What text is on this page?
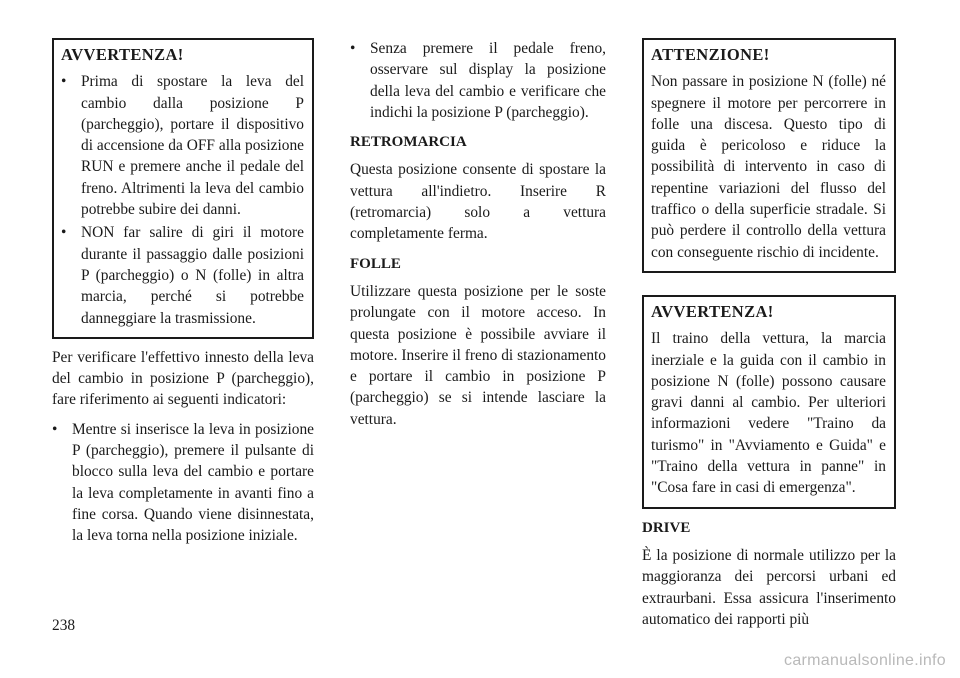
AVVERTENZA!
• Prima di spostare la leva del cambio dalla posizione P (parcheggio), portare il dispositivo di accensione da OFF alla posizione RUN e premere anche il pedale del freno. Altrimenti la leva del cambio potrebbe subire dei danni.
• NON far salire di giri il motore durante il passaggio dalle posizioni P (parcheggio) o N (folle) in altra marcia, perché si potrebbe danneggiare la trasmissione.

Per verificare l'effettivo innesto della leva del cambio in posizione P (parcheggio), fare riferimento ai seguenti indicatori:

• Mentre si inserisce la leva in posizione P (parcheggio), premere il pulsante di blocco sulla leva del cambio e portare la leva completamente in avanti fino a fine corsa. Quando viene disinnestata, la leva torna nella posizione iniziale.
• Senza premere il pedale freno, osservare sul display la posizione della leva del cambio e verificare che indichi la posizione P (parcheggio).
RETROMARCIA

Questa posizione consente di spostare la vettura all'indietro. Inserire R (retromarcia) solo a vettura completamente ferma.

FOLLE

Utilizzare questa posizione per le soste prolungate con il motore acceso. In questa posizione è possibile avviare il motore. Inserire il freno di stazionamento e portare il cambio in posizione P (parcheggio) se si intende lasciare la vettura.

ATTENZIONE!

Non passare in posizione N (folle) né spegnere il motore per percorrere in folle una discesa. Questo tipo di guida è pericoloso e riduce la possibilità di intervento in caso di repentine variazioni del flusso del traffico o della superficie stradale. Si può perdere il controllo della vettura con conseguente rischio di incidente.

AVVERTENZA!

Il traino della vettura, la marcia inerziale e la guida con il cambio in posizione N (folle) possono causare gravi danni al cambio. Per ulteriori informazioni vedere "Traino da turismo" in "Avviamento e Guida" e "Traino della vettura in panne" in "Cosa fare in casi di emergenza".

DRIVE

È la posizione di normale utilizzo per la maggioranza dei percorsi urbani ed extraurbani. Essa assicura l'inserimento automatico dei rapporti più

238
carmanualsonline.info
